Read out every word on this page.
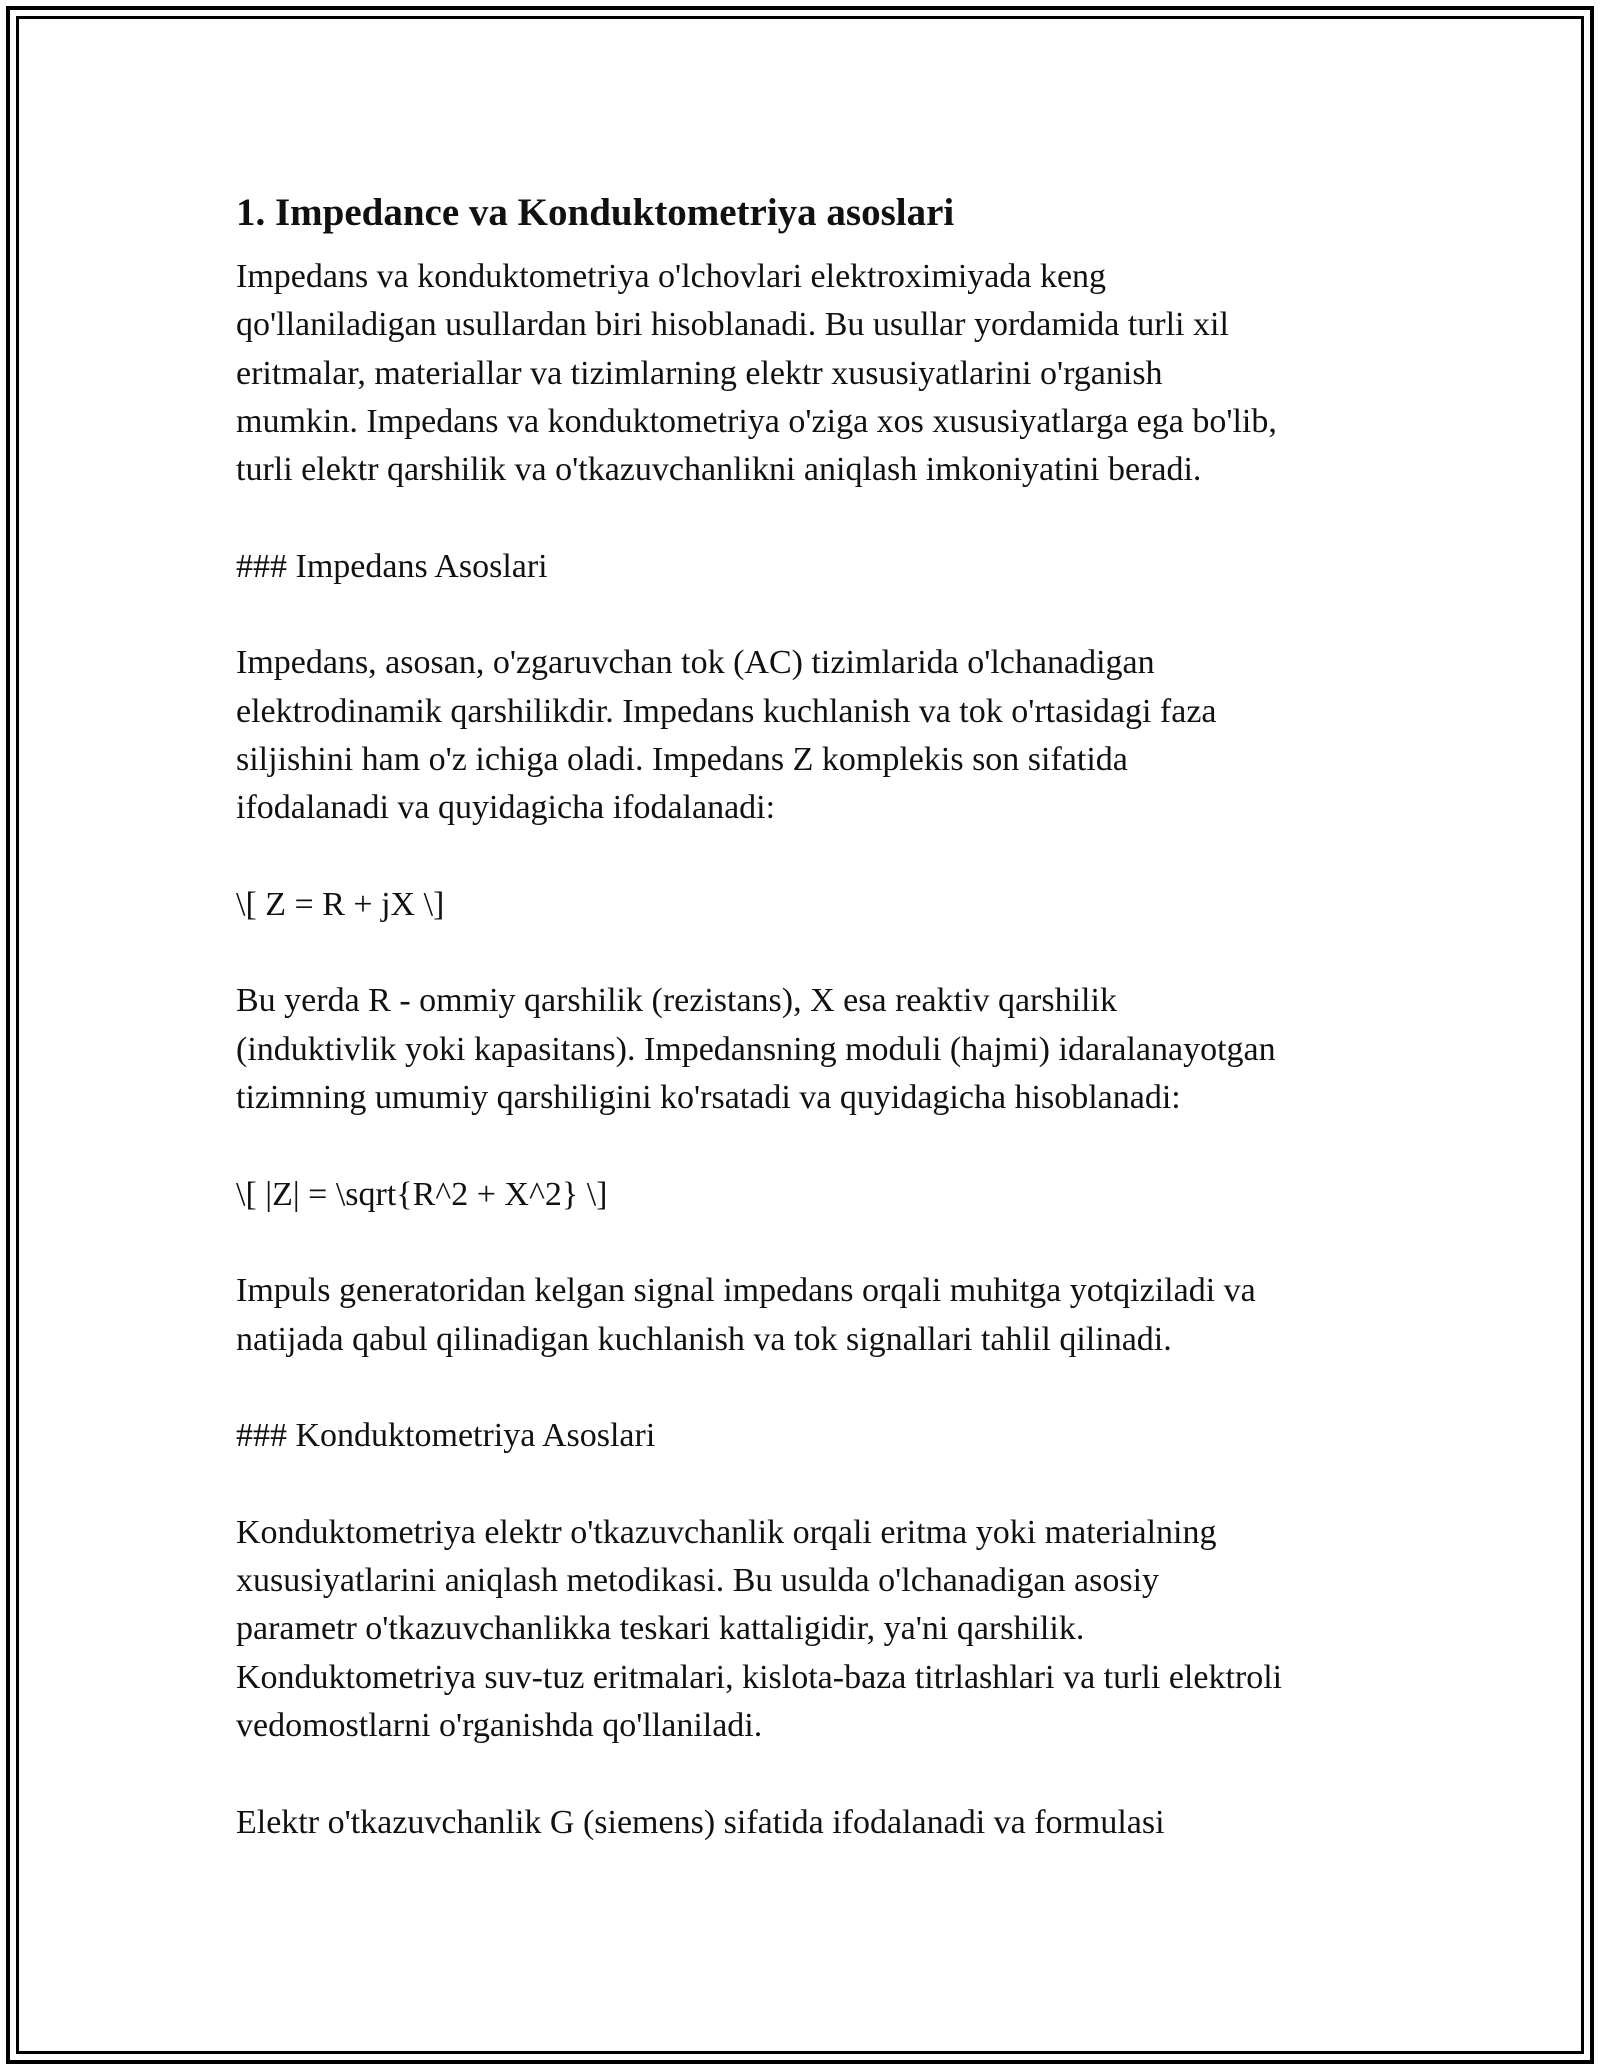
1. Impedance va Konduktometriya asoslari

Impedans va konduktometriya o'lchovlari elektroximiyada keng
qo'llaniladigan usullardan biri hisoblanadi. Bu usullar yordamida turli xil
eritmalar, materiallar va tizimlarning elektr xususiyatlarini o'rganish
mumkin. Impedans va konduktometriya o'ziga xos xususiyatlarga ega bo'lib,
turli elektr qarshilik va o'tkazuvchanlikni aniqlash imkoniyatini beradi.

### Impedans Asoslari

Impedans, asosan, o'zgaruvchan tok (AC) tizimlarida o'lchanadigan
elektrodinamik qarshilikdir. Impedans kuchlanish va tok o'rtasidagi faza
siljishini ham o'z ichiga oladi. Impedans Z komplekis son sifatida
ifodalanadi va quyidagicha ifodalanadi:

\[ Z = R + jX \]

Bu yerda R - ommiy qarshilik (rezistans), X esa reaktiv qarshilik
(induktivlik yoki kapasitans). Impedansning moduli (hajmi) idaralanayotgan
tizimning umumiy qarshiligini ko'rsatadi va quyidagicha hisoblanadi:

\[ |Z| = \sqrt{R^2 + X^2} \]

Impuls generatoridan kelgan signal impedans orqali muhitga yotqiziladi va
natijada qabul qilinadigan kuchlanish va tok signallari tahlil qilinadi.

### Konduktometriya Asoslari

Konduktometriya elektr o'tkazuvchanlik orqali eritma yoki materialning
xususiyatlarini aniqlash metodikasi. Bu usulda o'lchanadigan asosiy
parametr o'tkazuvchanlikka teskari kattaligidir, ya'ni qarshilik.
Konduktometriya suv-tuz eritmalari, kislota-baza titrlashlari va turli elektroli
vedomostlarni o'rganishda qo'llaniladi.

Elektr o'tkazuvchanlik G (siemens) sifatida ifodalanadi va formulasi
